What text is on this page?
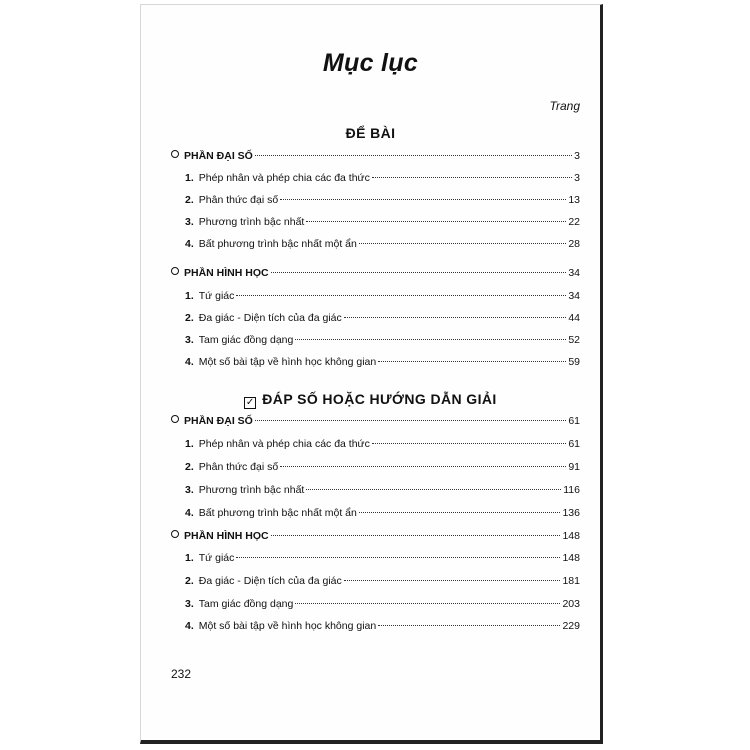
Mục lục
Trang
ĐỂ BÀI
PHẦN ĐẠI SỐ	3
1. Phép nhân và phép chia các đa thức	3
2. Phân thức đại số	13
3. Phương trình bậc nhất	22
4. Bất phương trình bậc nhất một ẩn	28
PHẦN HÌNH HỌC	34
1. Tứ giác	34
2. Đa giác - Diện tích của đa giác	44
3. Tam giác đồng dạng	52
4. Một số bài tập về hình học không gian	59
✓ ĐÁP SỐ HOẶC HƯỚNG DẪN GIẢI
PHẦN ĐẠI SỐ	61
1. Phép nhân và phép chia các đa thức	61
2. Phân thức đại số	91
3. Phương trình bậc nhất	116
4. Bất phương trình bậc nhất một ẩn	136
PHẦN HÌNH HỌC	148
1. Tứ giác	148
2. Đa giác - Diện tích của đa giác	181
3. Tam giác đồng dạng	203
4. Một số bài tập về hình học không gian	229
232
